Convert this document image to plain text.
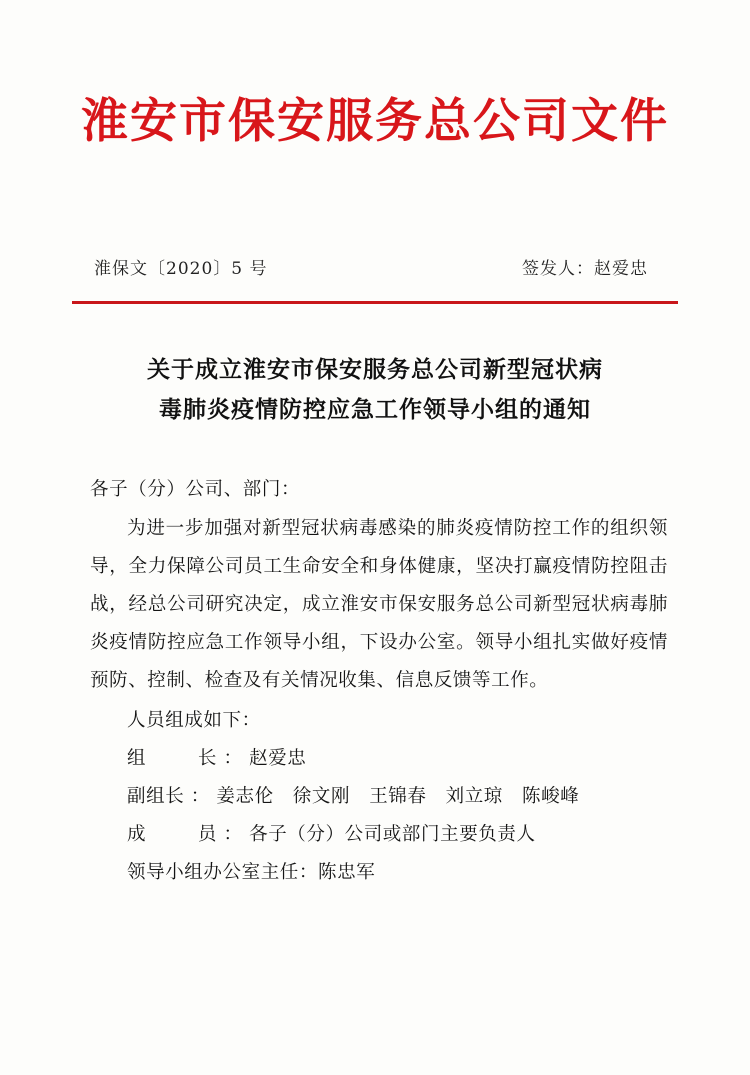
淮安市保安服务总公司文件
淮保文〔2020〕5 号	签发人：赵爱忠
关于成立淮安市保安服务总公司新型冠状病
毒肺炎疫情防控应急工作领导小组的通知

各子（分）公司、部门：

为进一步加强对新型冠状病毒感染的肺炎疫情防控工作的组织领导，全力保障公司员工生命安全和身体健康，坚决打赢疫情防控阻击战，经总公司研究决定，成立淮安市保安服务总公司新型冠状病毒肺炎疫情防控应急工作领导小组，下设办公室。领导小组扎实做好疫情预防、控制、检查及有关情况收集、信息反馈等工作。

人员组成如下：

组	长 ： 赵爱忠

副组长 ： 姜志伦　徐文刚　王锦春　刘立琼　陈峻峰

成	员 ： 各子（分）公司或部门主要负责人

领导小组办公室主任：陈忠军
